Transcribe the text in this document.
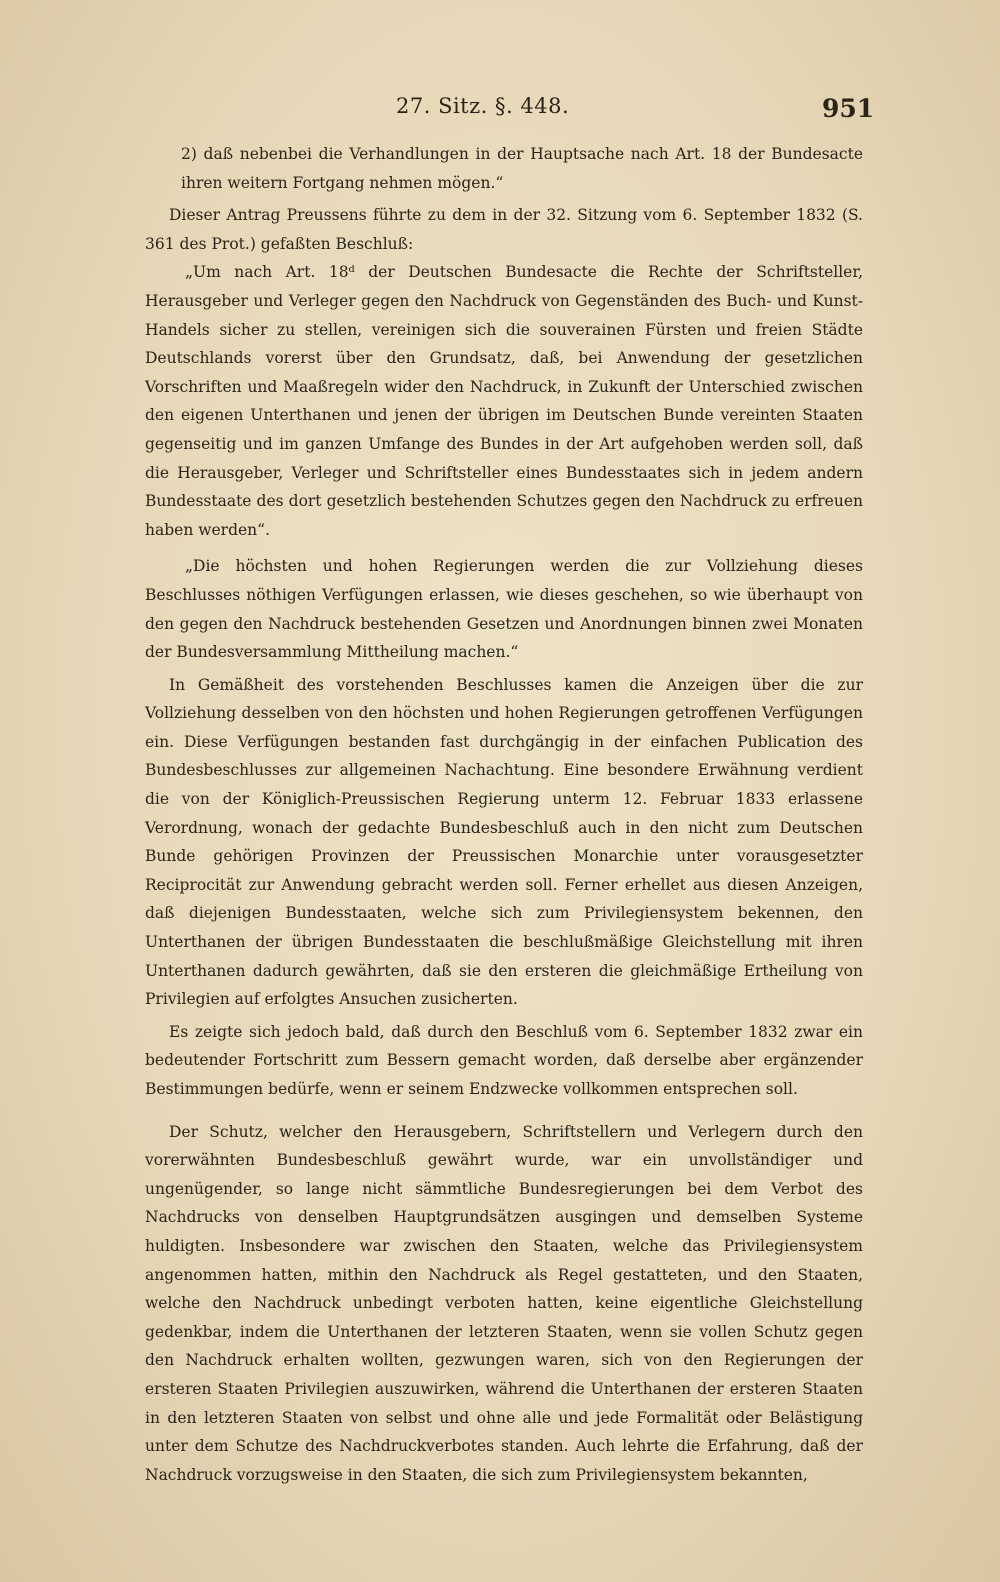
27. Sitz. §. 448.	951

2) daß nebenbei die Verhandlungen in der Hauptsache nach Art. 18 der Bundesacte ihren weitern Fortgang nehmen mögen.“

Dieser Antrag Preussens führte zu dem in der 32. Sitzung vom 6. September 1832 (S. 361 des Prot.) gefaßten Beschluß:

„Um nach Art. 18ᵈ der Deutschen Bundesacte die Rechte der Schriftsteller, Herausgeber und Verleger gegen den Nachdruck von Gegenständen des Buch- und Kunst-Handels sicher zu stellen, vereinigen sich die souverainen Fürsten und freien Städte Deutschlands vorerst über den Grundsatz, daß, bei Anwendung der gesetzlichen Vorschriften und Maaßregeln wider den Nachdruck, in Zukunft der Unterschied zwischen den eigenen Unterthanen und jenen der übrigen im Deutschen Bunde vereinten Staaten gegenseitig und im ganzen Umfange des Bundes in der Art aufgehoben werden soll, daß die Herausgeber, Verleger und Schriftsteller eines Bundesstaates sich in jedem andern Bundesstaate des dort gesetzlich bestehenden Schutzes gegen den Nachdruck zu erfreuen haben werden“.

„Die höchsten und hohen Regierungen werden die zur Vollziehung dieses Beschlusses nöthigen Verfügungen erlassen, wie dieses geschehen, so wie überhaupt von den gegen den Nachdruck bestehenden Gesetzen und Anordnungen binnen zwei Monaten der Bundesversammlung Mittheilung machen.“

In Gemäßheit des vorstehenden Beschlusses kamen die Anzeigen über die zur Vollziehung desselben von den höchsten und hohen Regierungen getroffenen Verfügungen ein. Diese Verfügungen bestanden fast durchgängig in der einfachen Publication des Bundesbeschlusses zur allgemeinen Nachachtung. Eine besondere Erwähnung verdient die von der Königlich-Preussischen Regierung unterm 12. Februar 1833 erlassene Verordnung, wonach der gedachte Bundesbeschluß auch in den nicht zum Deutschen Bunde gehörigen Provinzen der Preussischen Monarchie unter vorausgesetzter Reciprocität zur Anwendung gebracht werden soll. Ferner erhellet aus diesen Anzeigen, daß diejenigen Bundesstaaten, welche sich zum Privilegiensystem bekennen, den Unterthanen der übrigen Bundesstaaten die beschlußmäßige Gleichstellung mit ihren Unterthanen dadurch gewährten, daß sie den ersteren die gleichmäßige Ertheilung von Privilegien auf erfolgtes Ansuchen zusicherten.

Es zeigte sich jedoch bald, daß durch den Beschluß vom 6. September 1832 zwar ein bedeutender Fortschritt zum Bessern gemacht worden, daß derselbe aber ergänzender Bestimmungen bedürfe, wenn er seinem Endzwecke vollkommen entsprechen soll.

Der Schutz, welcher den Herausgebern, Schriftstellern und Verlegern durch den vorerwähnten Bundesbeschluß gewährt wurde, war ein unvollständiger und ungenügender, so lange nicht sämmtliche Bundesregierungen bei dem Verbot des Nachdrucks von denselben Hauptgrundsätzen ausgingen und demselben Systeme huldigten. Insbesondere war zwischen den Staaten, welche das Privilegiensystem angenommen hatten, mithin den Nachdruck als Regel gestatteten, und den Staaten, welche den Nachdruck unbedingt verboten hatten, keine eigentliche Gleichstellung gedenkbar, indem die Unterthanen der letzteren Staaten, wenn sie vollen Schutz gegen den Nachdruck erhalten wollten, gezwungen waren, sich von den Regierungen der ersteren Staaten Privilegien auszuwirken, während die Unterthanen der ersteren Staaten in den letzteren Staaten von selbst und ohne alle und jede Formalität oder Belästigung unter dem Schutze des Nachdruckverbotes standen. Auch lehrte die Erfahrung, daß der Nachdruck vorzugsweise in den Staaten, die sich zum Privilegiensystem bekannten,
